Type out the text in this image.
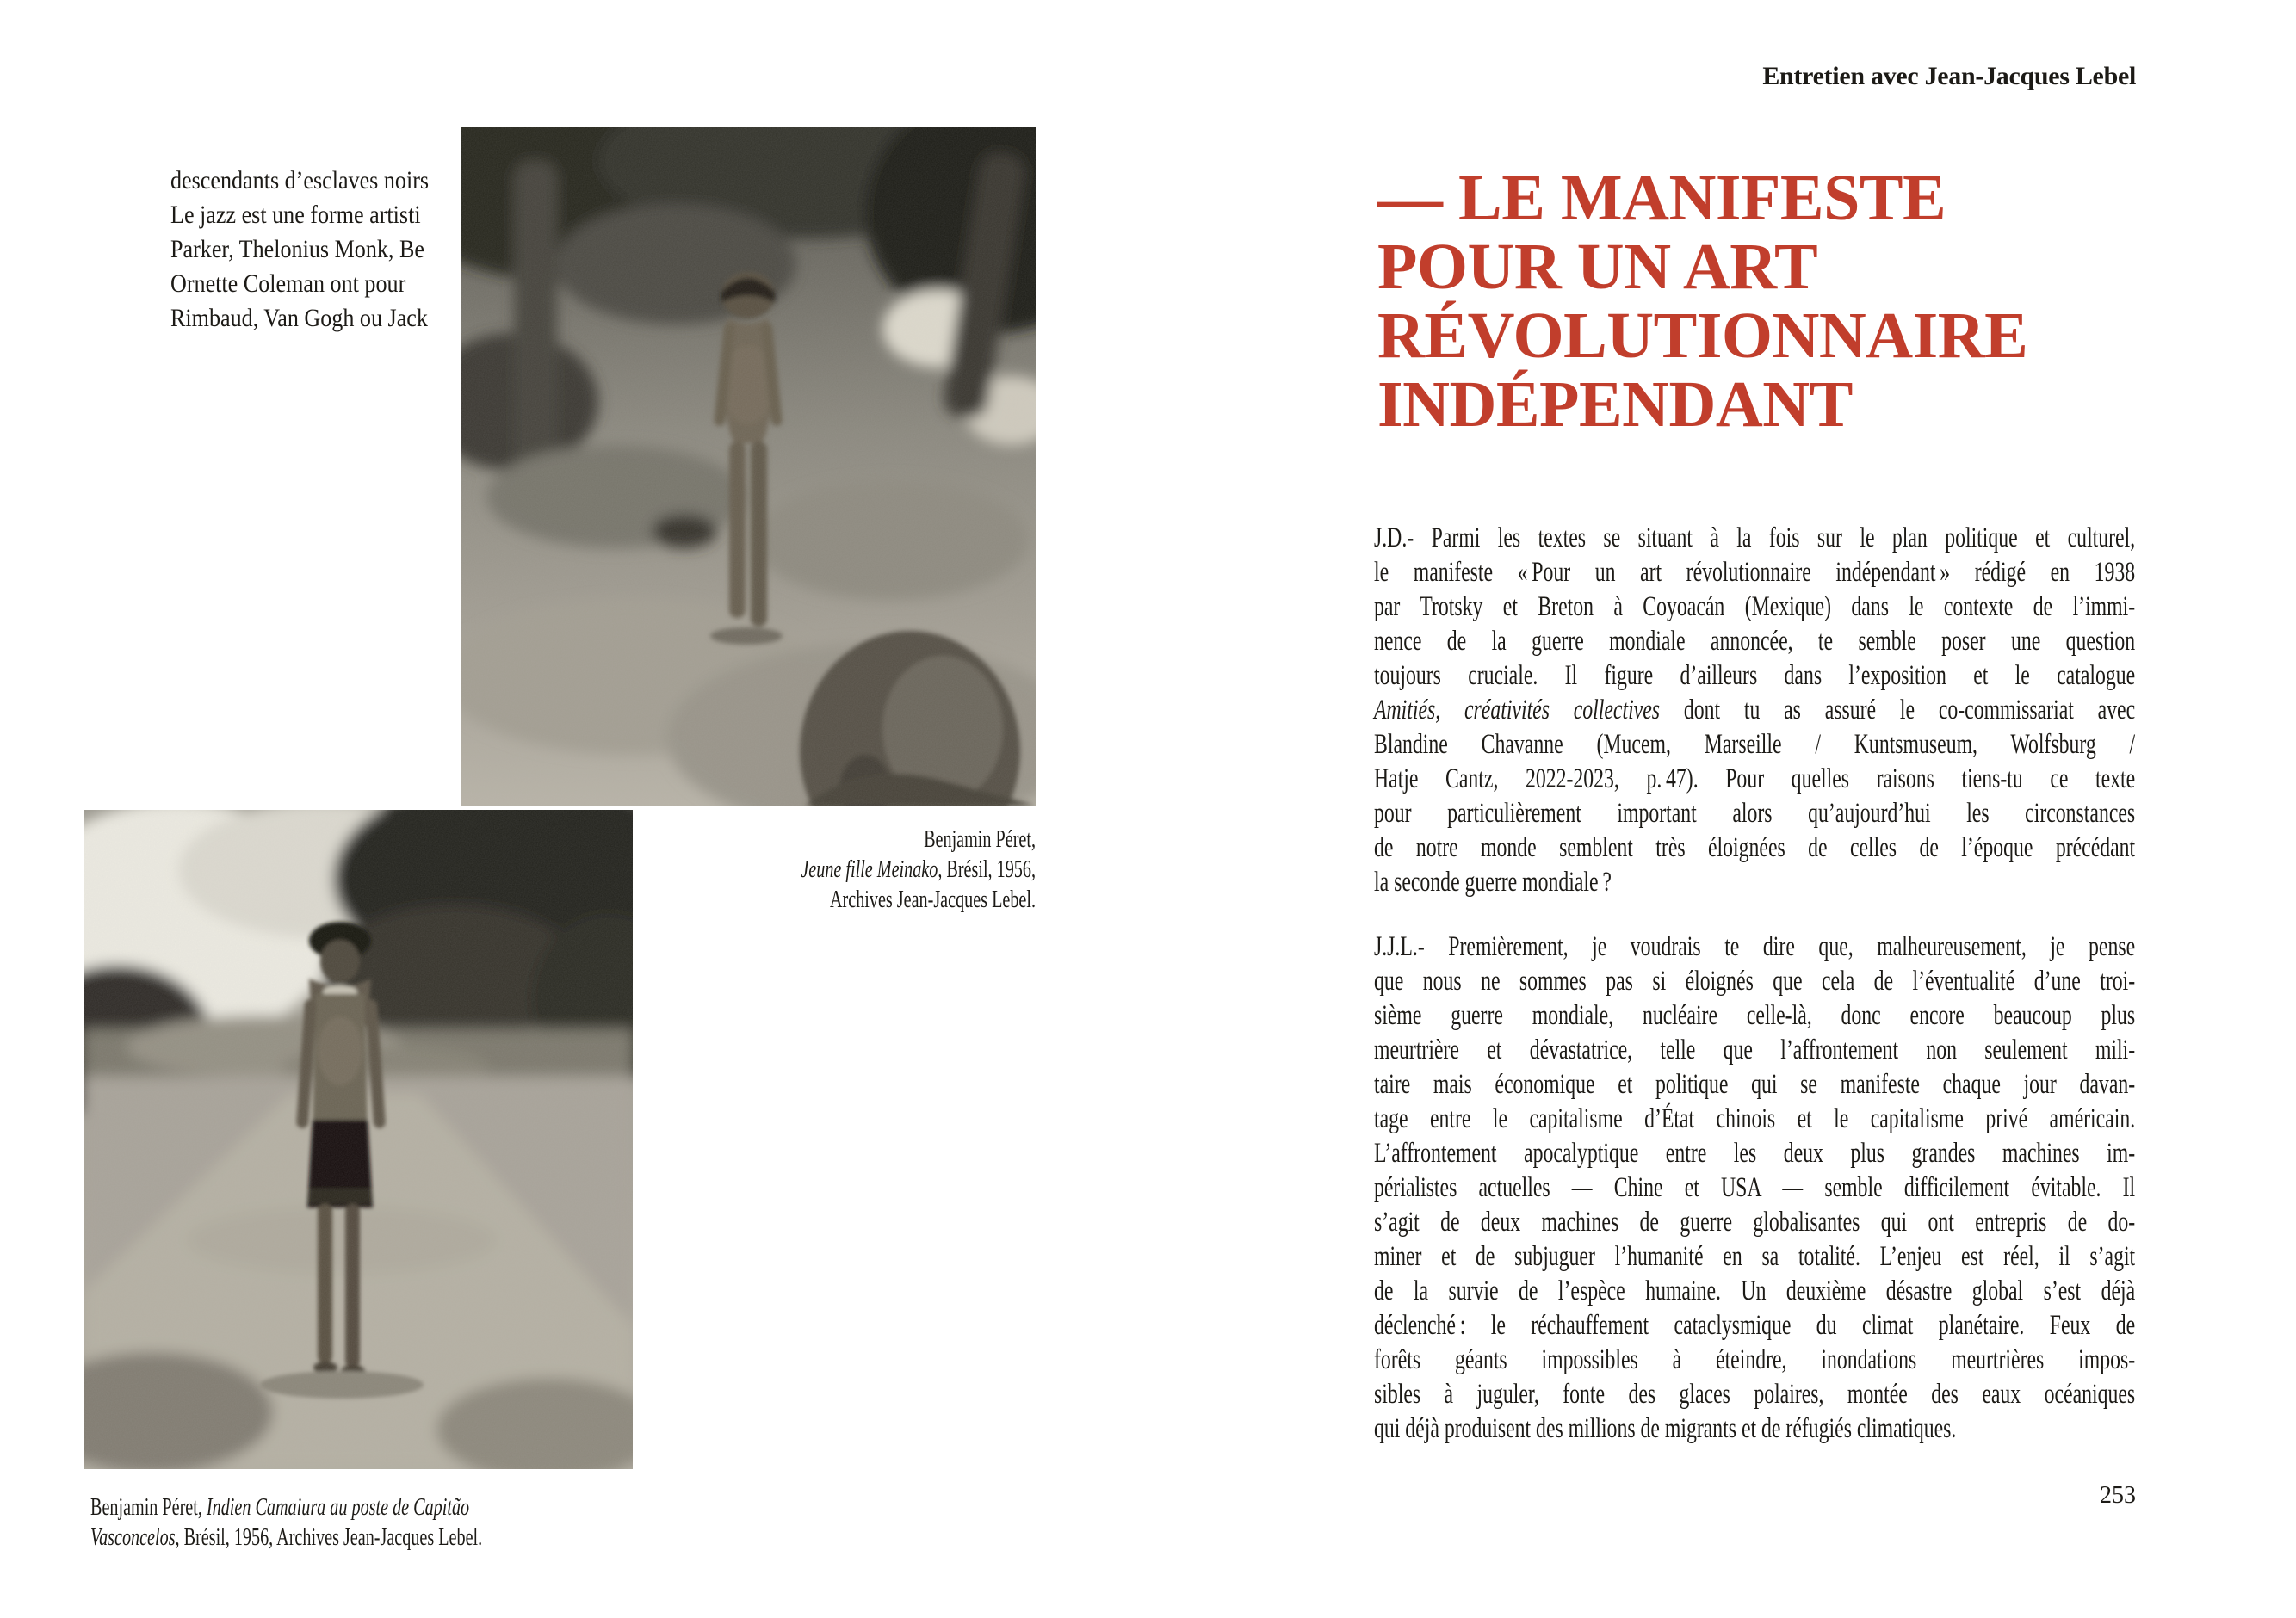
Entretien avec Jean-Jacques Lebel
descendants d’esclaves noirs
Le jazz est une forme artisti
Parker, Thelonius Monk, Be
Ornette Coleman ont pour
Rimbaud, Van Gogh ou Jack
Benjamin Péret,
Jeune fille Meinako, Brésil, 1956,
Archives Jean-Jacques Lebel.
Benjamin Péret, Indien Camaiura au poste de Capitão
Vasconcelos, Brésil, 1956, Archives Jean-Jacques Lebel.
— LE MANIFESTE
POUR UN ART
RÉVOLUTIONNAIRE
INDÉPENDANT
J.D.- Parmi les textes se situant à la fois sur le plan politique et culturel,
le manifeste « Pour un art révolutionnaire indépendant » rédigé en 1938
par Trotsky et Breton à Coyoacán (Mexique) dans le contexte de l’immi-
nence de la guerre mondiale annoncée, te semble poser une question
toujours cruciale. Il figure d’ailleurs dans l’exposition et le catalogue
Amitiés, créativités collectives dont tu as assuré le co-commissariat avec
Blandine Chavanne (Mucem, Marseille / Kuntsmuseum, Wolfsburg /
Hatje Cantz, 2022-2023, p. 47). Pour quelles raisons tiens-tu ce texte
pour particulièrement important alors qu’aujourd’hui les circonstances
de notre monde semblent très éloignées de celles de l’époque précédant
la seconde guerre mondiale ?
J.J.L.- Premièrement, je voudrais te dire que, malheureusement, je pense
que nous ne sommes pas si éloignés que cela de l’éventualité d’une troi-
sième guerre mondiale, nucléaire celle-là, donc encore beaucoup plus
meurtrière et dévastatrice, telle que l’affrontement non seulement mili-
taire mais économique et politique qui se manifeste chaque jour davan-
tage entre le capitalisme d’État chinois et le capitalisme privé américain.
L’affrontement apocalyptique entre les deux plus grandes machines im-
périalistes actuelles — Chine et USA — semble difficilement évitable. Il
s’agit de deux machines de guerre globalisantes qui ont entrepris de do-
miner et de subjuguer l’humanité en sa totalité. L’enjeu est réel, il s’agit
de la survie de l’espèce humaine. Un deuxième désastre global s’est déjà
déclenché : le réchauffement cataclysmique du climat planétaire. Feux de
forêts géants impossibles à éteindre, inondations meurtrières impos-
sibles à juguler, fonte des glaces polaires, montée des eaux océaniques
qui déjà produisent des millions de migrants et de réfugiés climatiques.
253
